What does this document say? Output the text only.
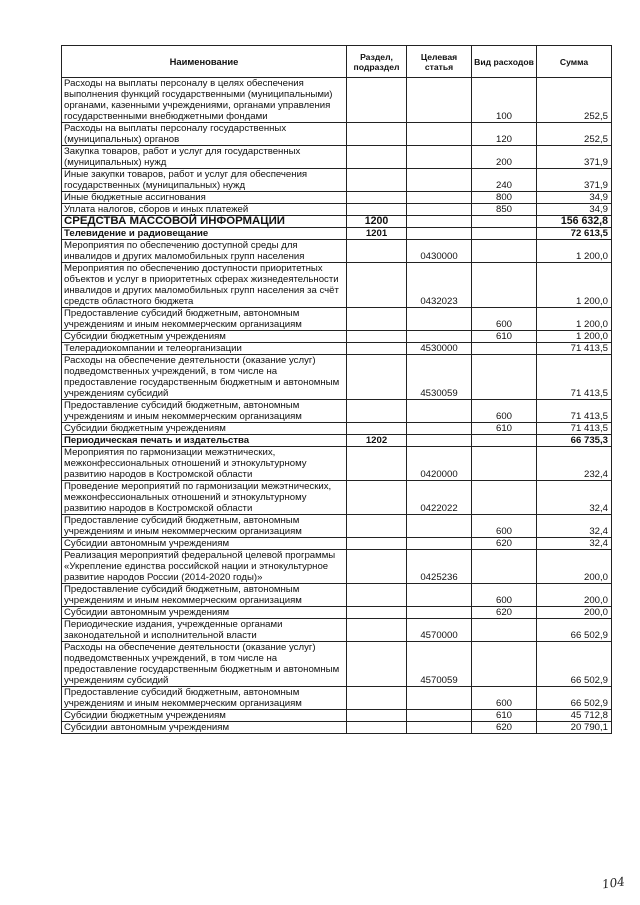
Наименование	Раздел, подраздел	Целевая статья	Вид расходов	Сумма
Расходы на выплаты персоналу в целях обеспечения выполнения функций государственными (муниципальными) органами, казенными учреждениями, органами управления государственными внебюджетными фондами			100	252,5
Расходы на выплаты персоналу государственных (муниципальных) органов			120	252,5
Закупка товаров, работ и услуг для государственных (муниципальных) нужд			200	371,9
Иные закупки товаров, работ и услуг для обеспечения государственных (муниципальных) нужд			240	371,9
Иные бюджетные ассигнования			800	34,9
Уплата налогов, сборов и иных платежей			850	34,9
СРЕДСТВА МАССОВОЙ ИНФОРМАЦИИ	1200			156 632,8
Телевидение и радиовещание	1201			72 613,5
Мероприятия по обеспечению доступной среды для инвалидов и других маломобильных групп населения		0430000		1 200,0
Мероприятия по обеспечению доступности приоритетных объектов и услуг в приоритетных сферах жизнедеятельности инвалидов и других маломобильных групп населения за счёт средств областного бюджета		0432023		1 200,0
Предоставление субсидий бюджетным, автономным учреждениям и иным некоммерческим организациям			600	1 200,0
Субсидии бюджетным учреждениям			610	1 200,0
Телерадиокомпании и телеорганизации		4530000		71 413,5
Расходы на обеспечение деятельности (оказание услуг) подведомственных учреждений, в том числе на предоставление государственным бюджетным и автономным учреждениям субсидий		4530059		71 413,5
Предоставление субсидий бюджетным, автономным учреждениям и иным некоммерческим организациям			600	71 413,5
Субсидии бюджетным учреждениям			610	71 413,5
Периодическая печать и издательства	1202			66 735,3
Мероприятия по гармонизации межэтнических, межконфессиональных отношений и этнокультурному развитию народов в Костромской области		0420000		232,4
Проведение мероприятий по гармонизации межэтнических, межконфессиональных отношений и этнокультурному развитию народов в Костромской области		0422022		32,4
Предоставление субсидий бюджетным, автономным учреждениям и иным некоммерческим организациям			600	32,4
Субсидии автономным учреждениям			620	32,4
Реализация мероприятий федеральной целевой программы «Укрепление единства российской нации и этнокультурное развитие народов России (2014-2020 годы)»		0425236		200,0
Предоставление субсидий бюджетным, автономным учреждениям и иным некоммерческим организациям			600	200,0
Субсидии автономным учреждениям			620	200,0
Периодические издания, учрежденные органами законодательной и исполнительной власти		4570000		66 502,9
Расходы на обеспечение деятельности (оказание услуг) подведомственных учреждений, в том числе на предоставление государственным бюджетным и автономным учреждениям субсидий		4570059		66 502,9
Предоставление субсидий бюджетным, автономным учреждениям и иным некоммерческим организациям			600	66 502,9
Субсидии бюджетным учреждениям			610	45 712,8
Субсидии автономным учреждениям			620	20 790,1
104
